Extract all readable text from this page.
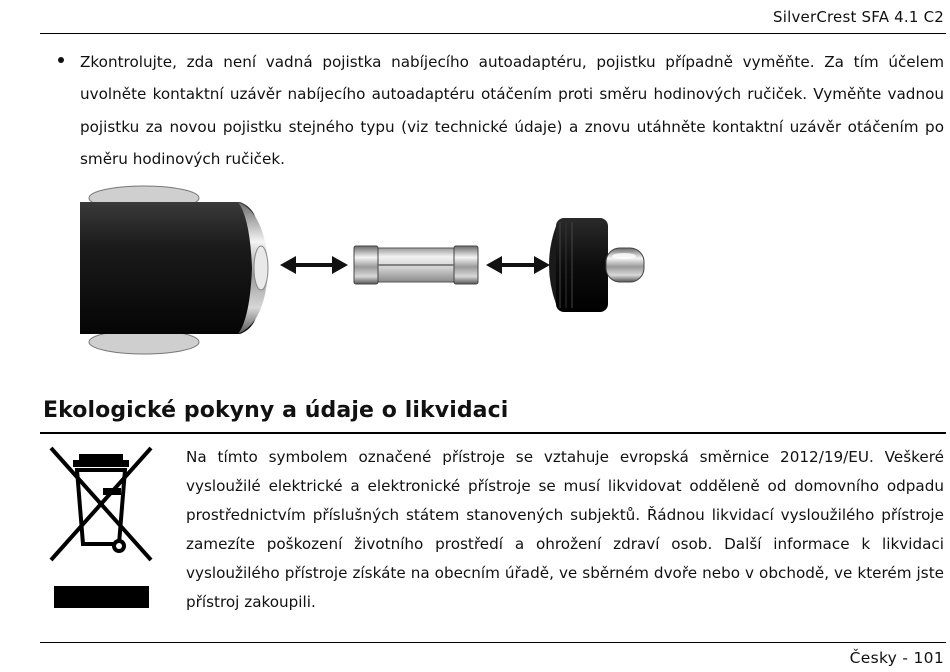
SilverCrest SFA 4.1 C2
Zkontrolujte, zda není vadná pojistka nabíjecího autoadaptéru, pojistku případně vyměňte. Za tím účelem uvolněte kontaktní uzávěr nabíjecího autoadaptéru otáčením proti směru hodinových ručiček. Vyměňte vadnou pojistku za novou pojistku stejného typu (viz technické údaje) a znovu utáhněte kontaktní uzávěr otáčením po směru hodinových ručiček.
Ekologické pokyny a údaje o likvidaci
Na tímto symbolem označené přístroje se vztahuje evropská směrnice 2012/19/EU. Veškeré vysloužilé elektrické a elektronické přístroje se musí likvidovat odděleně od domovního odpadu prostřednictvím příslušných státem stanovených subjektů. Řádnou likvidací vysloužilého přístroje zamezíte poškození životního prostředí a ohrožení zdraví osob. Další informace k likvidaci vysloužilého přístroje získáte na obecním úřadě, ve sběrném dvoře nebo v obchodě, ve kterém jste přístroj zakoupili.
Česky - 101
